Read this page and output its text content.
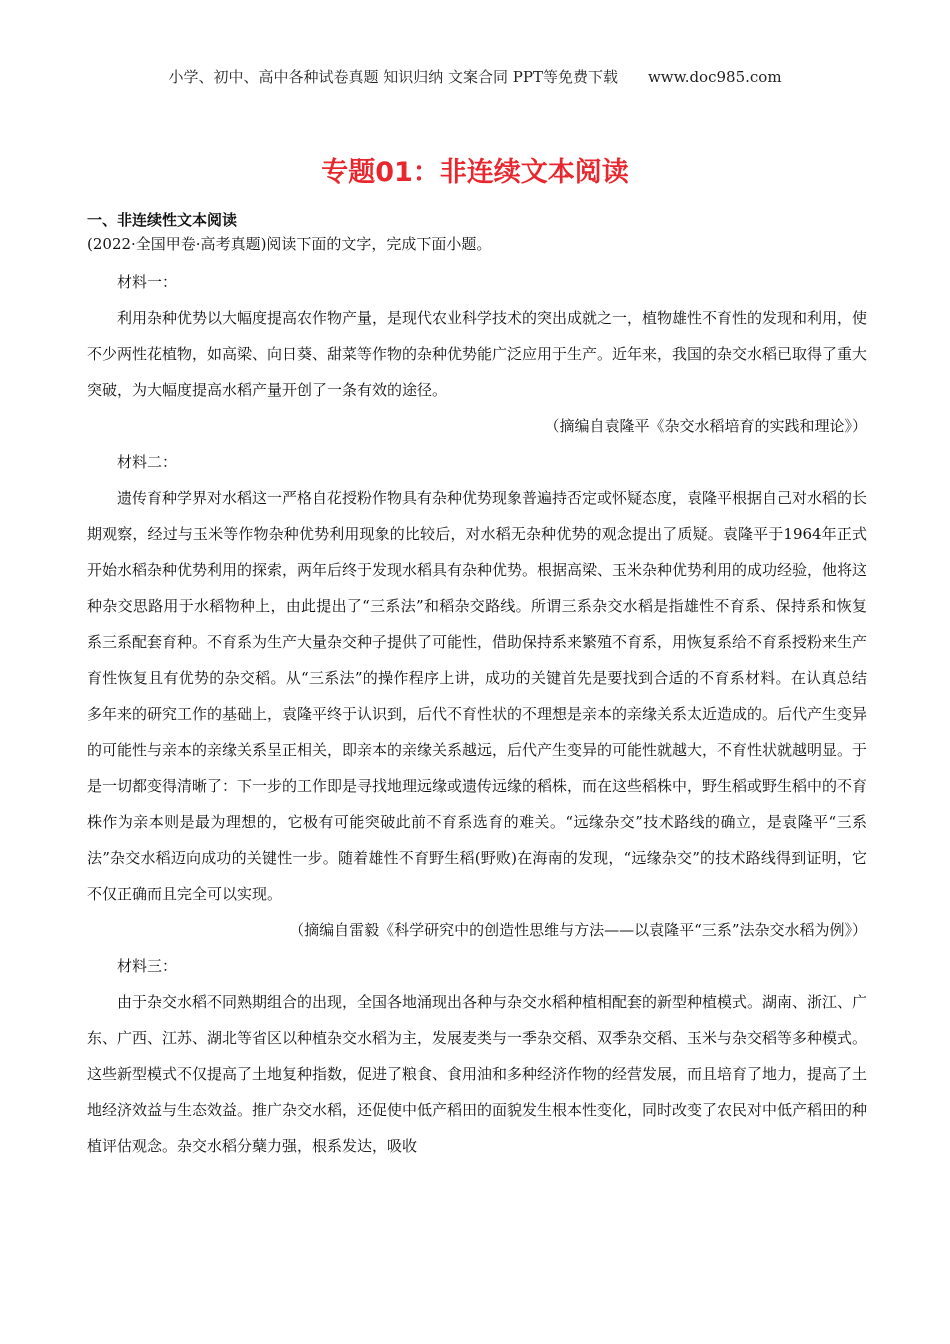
小学、初中、高中各种试卷真题 知识归纳 文案合同 PPT等免费下载 www.doc985.com
专题01：非连续文本阅读

一、非连续性文本阅读

(2022·全国甲卷·高考真题)阅读下面的文字，完成下面小题。

材料一：

利用杂种优势以大幅度提高农作物产量，是现代农业科学技术的突出成就之一，植物雄性不育性的发现和利用，使不少两性花植物，如高梁、向日葵、甜菜等作物的杂种优势能广泛应用于生产。近年来，我国的杂交水稻已取得了重大突破，为大幅度提高水稻产量开创了一条有效的途径。

（摘编自袁隆平《杂交水稻培育的实践和理论》）

材料二：

遗传育种学界对水稻这一严格自花授粉作物具有杂种优势现象普遍持否定或怀疑态度，袁隆平根据自己对水稻的长期观察，经过与玉米等作物杂种优势利用现象的比较后，对水稻无杂种优势的观念提出了质疑。袁隆平于1964年正式开始水稻杂种优势利用的探索，两年后终于发现水稻具有杂种优势。根据高梁、玉米杂种优势利用的成功经验，他将这种杂交思路用于水稻物种上，由此提出了“三系法”和稻杂交路线。所谓三系杂交水稻是指雄性不育系、保持系和恢复系三系配套育种。不育系为生产大量杂交种子提供了可能性，借助保持系来繁殖不育系，用恢复系给不育系授粉来生产育性恢复且有优势的杂交稻。从“三系法”的操作程序上讲，成功的关键首先是要找到合适的不育系材料。在认真总结多年来的研究工作的基础上，袁隆平终于认识到，后代不育性状的不理想是亲本的亲缘关系太近造成的。后代产生变异的可能性与亲本的亲缘关系呈正相关，即亲本的亲缘关系越远，后代产生变异的可能性就越大，不育性状就越明显。于是一切都变得清晰了：下一步的工作即是寻找地理远缘或遗传远缘的稻株，而在这些稻株中，野生稻或野生稻中的不育株作为亲本则是最为理想的，它极有可能突破此前不育系选育的难关。“远缘杂交”技术路线的确立，是袁隆平“三系法”杂交水稻迈向成功的关键性一步。随着雄性不育野生稻(野败)在海南的发现，“远缘杂交”的技术路线得到证明，它不仅正确而且完全可以实现。

（摘编自雷毅《科学研究中的创造性思维与方法——以袁隆平“三系”法杂交水稻为例》）

材料三：

由于杂交水稻不同熟期组合的出现，全国各地涌现出各种与杂交水稻种植相配套的新型种植模式。湖南、浙江、广东、广西、江苏、湖北等省区以种植杂交水稻为主，发展麦类与一季杂交稻、双季杂交稻、玉米与杂交稻等多种模式。这些新型模式不仅提高了土地复种指数，促进了粮食、食用油和多种经济作物的经营发展，而且培育了地力，提高了土地经济效益与生态效益。推广杂交水稻，还促使中低产稻田的面貌发生根本性变化，同时改变了农民对中低产稻田的种植评估观念。杂交水稻分蘖力强，根系发达，吸收
